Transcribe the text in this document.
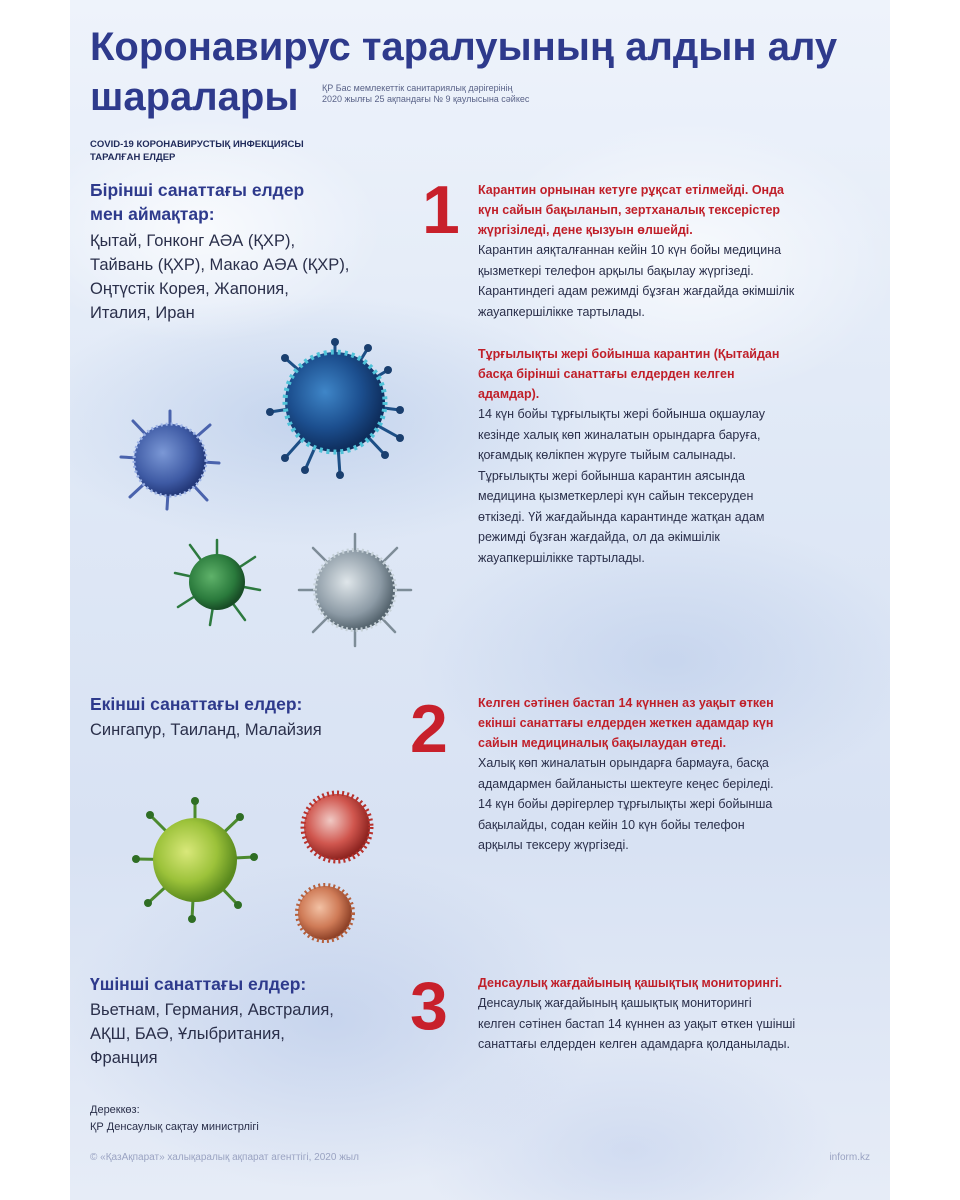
Коронавирус таралуының алдын алу
шаралары	ҚР Бас мемлекеттік санитариялық дәрігерінің
2020 жылғы 25 ақпандағы № 9 қаулысына сәйкес
COVID-19 КОРОНАВИРУСТЫҚ ИНФЕКЦИЯСЫ
ТАРАЛҒАН ЕЛДЕР
Бірінші санаттағы елдер
мен аймақтар:
Қытай, Гонконг АӘА (ҚХР),
Тайвань (ҚХР), Макао АӘА (ҚХР),
Оңтүстік Корея, Жапония,
Италия, Иран
Екінші санаттағы елдер:
Сингапур, Таиланд, Малайзия
Үшінші санаттағы елдер:
Вьетнам, Германия, Австралия,
АҚШ, БАӘ, Ұлыбритания,
Франция
1
2
3

Карантин орнынан кетуге рұқсат етілмейді. Онда
күн сайын бақыланып, зертханалық тексерістер
жүргізіледі, дене қызуын өлшейді.

Карантин аяқталғаннан кейін 10 күн бойы медицина
қызметкері телефон арқылы бақылау жүргізеді.
Карантиндегі адам режимді бұзған жағдайда әкімшілік
жауапкершілікке тартылады.

Тұрғылықты жері бойынша карантин (Қытайдан
басқа бірінші санаттағы елдерден келген
адамдар).

14 күн бойы тұрғылықты жері бойынша оқшаулау
кезінде халық көп жиналатын орындарға баруға,
қоғамдық көлікпен жүруге тыйым салынады.
Тұрғылықты жері бойынша карантин аясында
медицина қызметкерлері күн сайын тексеруден
өткізеді. Үй жағдайында карантинде жатқан адам
режимді бұзған жағдайда, ол да әкімшілік
жауапкершілікке тартылады.

Келген сәтінен бастап 14 күннен аз уақыт өткен
екінші санаттағы елдерден жеткен адамдар күн
сайын медициналық бақылаудан өтеді.

Халық көп жиналатын орындарға бармауға, басқа
адамдармен байланысты шектеуге кеңес беріледі.
14 күн бойы дәрігерлер тұрғылықты жері бойынша
бақылайды, содан кейін 10 күн бойы телефон
арқылы тексеру жүргізеді.

Денсаулық жағдайының қашықтық мониторингі.

Денсаулық жағдайының қашықтық мониторингі
келген сәтінен бастап 14 күннен аз уақыт өткен үшінші
санаттағы елдерден келген адамдарға қолданылады.

Дереккөз:
ҚР Денсаулық сақтау министрлігі
© «ҚазАқпарат» халықаралық ақпарат агенттігі, 2020 жыл	inform.kz
